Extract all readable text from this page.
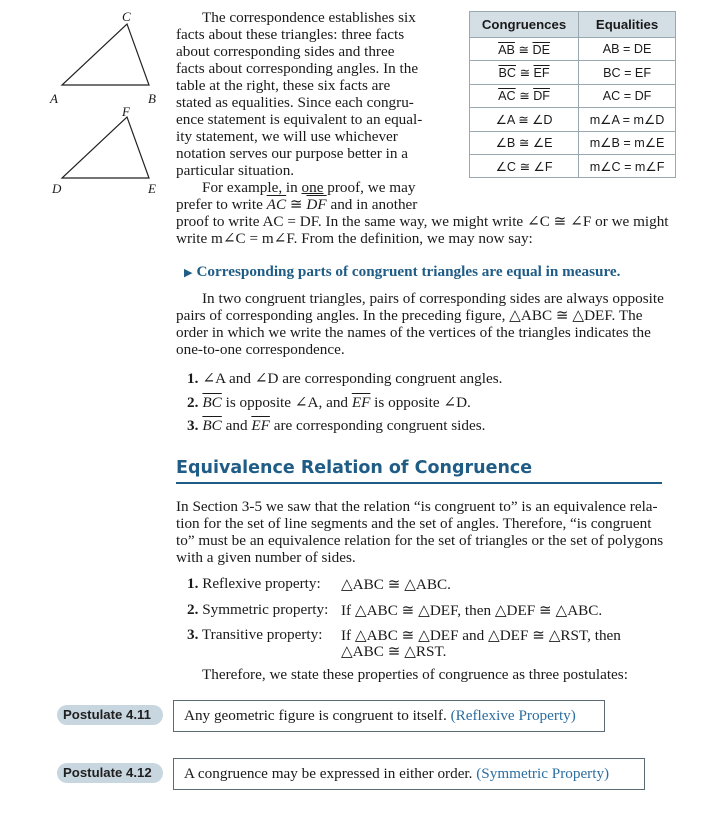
C
A	B
F
D	E
The correspondence establishes six
facts about these triangles: three facts
about corresponding sides and three
facts about corresponding angles. In the
table at the right, these six facts are
stated as equalities. Since each congru-
ence statement is equivalent to an equal-
ity statement, we will use whichever
notation serves our purpose better in a
particular situation.
For example, in one proof, we may
prefer to write $\overline{AC}$ ≅ $\overline{DF}$ and in another
proof to write AC = DF. In the same way, we might write ∠C ≅ ∠F or we might
write m∠C = m∠F. From the definition, we may now say:
Congruences	Equalities
$\overline{AB}$ ≅ $\overline{DE}$	AB = DE
$\overline{BC}$ ≅ $\overline{EF}$	BC = EF
$\overline{AC}$ ≅ $\overline{DF}$	AC = DF
∠A ≅ ∠D	m∠A = m∠D
∠B ≅ ∠E	m∠B = m∠E
∠C ≅ ∠F	m∠C = m∠F
▶ Corresponding parts of congruent triangles are equal in measure.
In two congruent triangles, pairs of corresponding sides are always opposite
pairs of corresponding angles. In the preceding figure, △ABC ≅ △DEF. The
order in which we write the names of the vertices of the triangles indicates the
one-to-one correspondence.
1. ∠A and ∠D are corresponding congruent angles.
2. $\overline{BC}$ is opposite ∠A, and $\overline{EF}$ is opposite ∠D.
3. $\overline{BC}$ and $\overline{EF}$ are corresponding congruent sides.
Equivalence Relation of Congruence
In Section 3-5 we saw that the relation “is congruent to” is an equivalence rela-
tion for the set of line segments and the set of angles. Therefore, “is congruent
to” must be an equivalence relation for the set of triangles or the set of polygons
with a given number of sides.
1. Reflexive property: △ABC ≅ △ABC.
2. Symmetric property: If △ABC ≅ △DEF, then △DEF ≅ △ABC.
3. Transitive property: If △ABC ≅ △DEF and △DEF ≅ △RST, then
△ABC ≅ △RST.
Therefore, we state these properties of congruence as three postulates:
Postulate 4.11	Any geometric figure is congruent to itself. (Reflexive Property)
Postulate 4.12	A congruence may be expressed in either order. (Symmetric Property)
